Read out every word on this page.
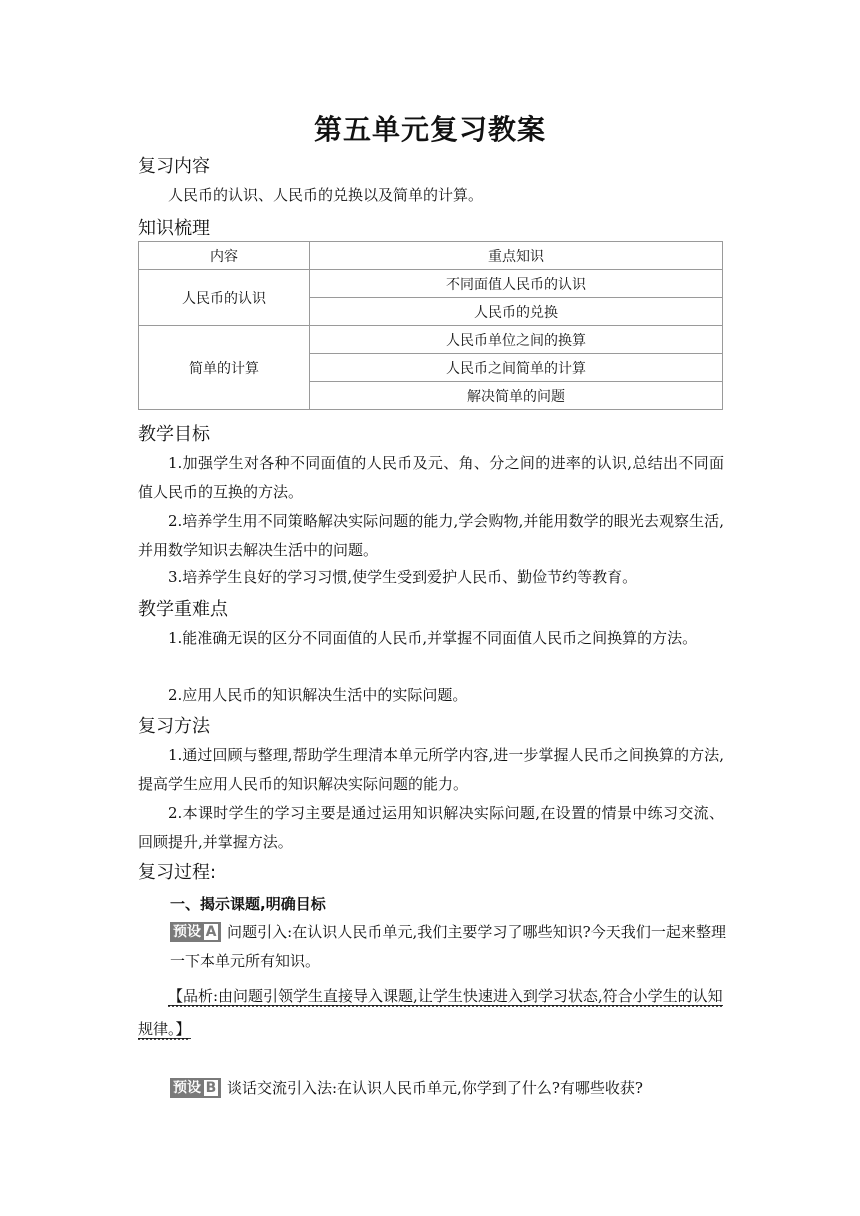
第五单元复习教案
复习内容
人民币的认识、人民币的兑换以及简单的计算。
知识梳理
内容	重点知识
人民币的认识	不同面值人民币的认识
	人民币的兑换
简单的计算	人民币单位之间的换算
	人民币之间简单的计算
	解决简单的问题
教学目标
1.加强学生对各种不同面值的人民币及元、角、分之间的进率的认识,总结出不同面值人民币的互换的方法。
2.培养学生用不同策略解决实际问题的能力,学会购物,并能用数学的眼光去观察生活,并用数学知识去解决生活中的问题。
3.培养学生良好的学习习惯,使学生受到爱护人民币、勤俭节约等教育。
教学重难点
1.能准确无误的区分不同面值的人民币,并掌握不同面值人民币之间换算的方法。
2.应用人民币的知识解决生活中的实际问题。
复习方法
1.通过回顾与整理,帮助学生理清本单元所学内容,进一步掌握人民币之间换算的方法,提高学生应用人民币的知识解决实际问题的能力。
2.本课时学生的学习主要是通过运用知识解决实际问题,在设置的情景中练习交流、回顾提升,并掌握方法。
复习过程:
一、揭示课题,明确目标
预设 A 问题引入:在认识人民币单元,我们主要学习了哪些知识?今天我们一起来整理一下本单元所有知识。
【品析:由问题引领学生直接导入课题,让学生快速进入到学习状态,符合小学生的认知规律。】
预设 B 谈话交流引入法:在认识人民币单元,你学到了什么?有哪些收获?
